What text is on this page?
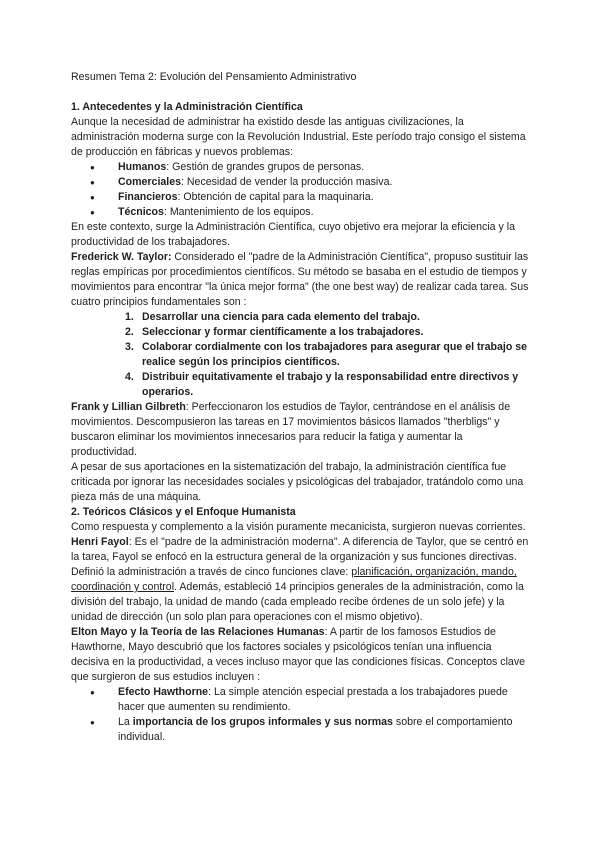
Resumen Tema 2: Evolución del Pensamiento Administrativo

1. Antecedentes y la Administración Científica

Aunque la necesidad de administrar ha existido desde las antiguas civilizaciones, la administración moderna surge con la Revolución Industrial. Este período trajo consigo el sistema de producción en fábricas y nuevos problemas:

● Humanos: Gestión de grandes grupos de personas.
● Comerciales: Necesidad de vender la producción masiva.
● Financieros: Obtención de capital para la maquinaria.
● Técnicos: Mantenimiento de los equipos.

En este contexto, surge la Administración Científica, cuyo objetivo era mejorar la eficiencia y la productividad de los trabajadores.

Frederick W. Taylor: Considerado el "padre de la Administración Científica", propuso sustituir las reglas empíricas por procedimientos científicos. Su método se basaba en el estudio de tiempos y movimientos para encontrar "la única mejor forma" (the one best way) de realizar cada tarea. Sus cuatro principios fundamentales son :

1. Desarrollar una ciencia para cada elemento del trabajo.
2. Seleccionar y formar científicamente a los trabajadores.
3. Colaborar cordialmente con los trabajadores para asegurar que el trabajo se realice según los principios científicos.
4. Distribuir equitativamente el trabajo y la responsabilidad entre directivos y operarios.

Frank y Lillian Gilbreth: Perfeccionaron los estudios de Taylor, centrándose en el análisis de movimientos. Descompusieron las tareas en 17 movimientos básicos llamados "therbligs" y buscaron eliminar los movimientos innecesarios para reducir la fatiga y aumentar la productividad.

A pesar de sus aportaciones en la sistematización del trabajo, la administración científica fue criticada por ignorar las necesidades sociales y psicológicas del trabajador, tratándolo como una pieza más de una máquina.

2. Teóricos Clásicos y el Enfoque Humanista

Como respuesta y complemento a la visión puramente mecanicista, surgieron nuevas corrientes.

Henri Fayol: Es el "padre de la administración moderna". A diferencia de Taylor, que se centró en la tarea, Fayol se enfocó en la estructura general de la organización y sus funciones directivas. Definió la administración a través de cinco funciones clave: planificación, organización, mando, coordinación y control. Además, estableció 14 principios generales de la administración, como la división del trabajo, la unidad de mando (cada empleado recibe órdenes de un solo jefe) y la unidad de dirección (un solo plan para operaciones con el mismo objetivo).

Elton Mayo y la Teoría de las Relaciones Humanas: A partir de los famosos Estudios de Hawthorne, Mayo descubrió que los factores sociales y psicológicos tenían una influencia decisiva en la productividad, a veces incluso mayor que las condiciones físicas. Conceptos clave que surgieron de sus estudios incluyen :

● Efecto Hawthorne: La simple atención especial prestada a los trabajadores puede hacer que aumenten su rendimiento.
● La importancia de los grupos informales y sus normas sobre el comportamiento individual.
